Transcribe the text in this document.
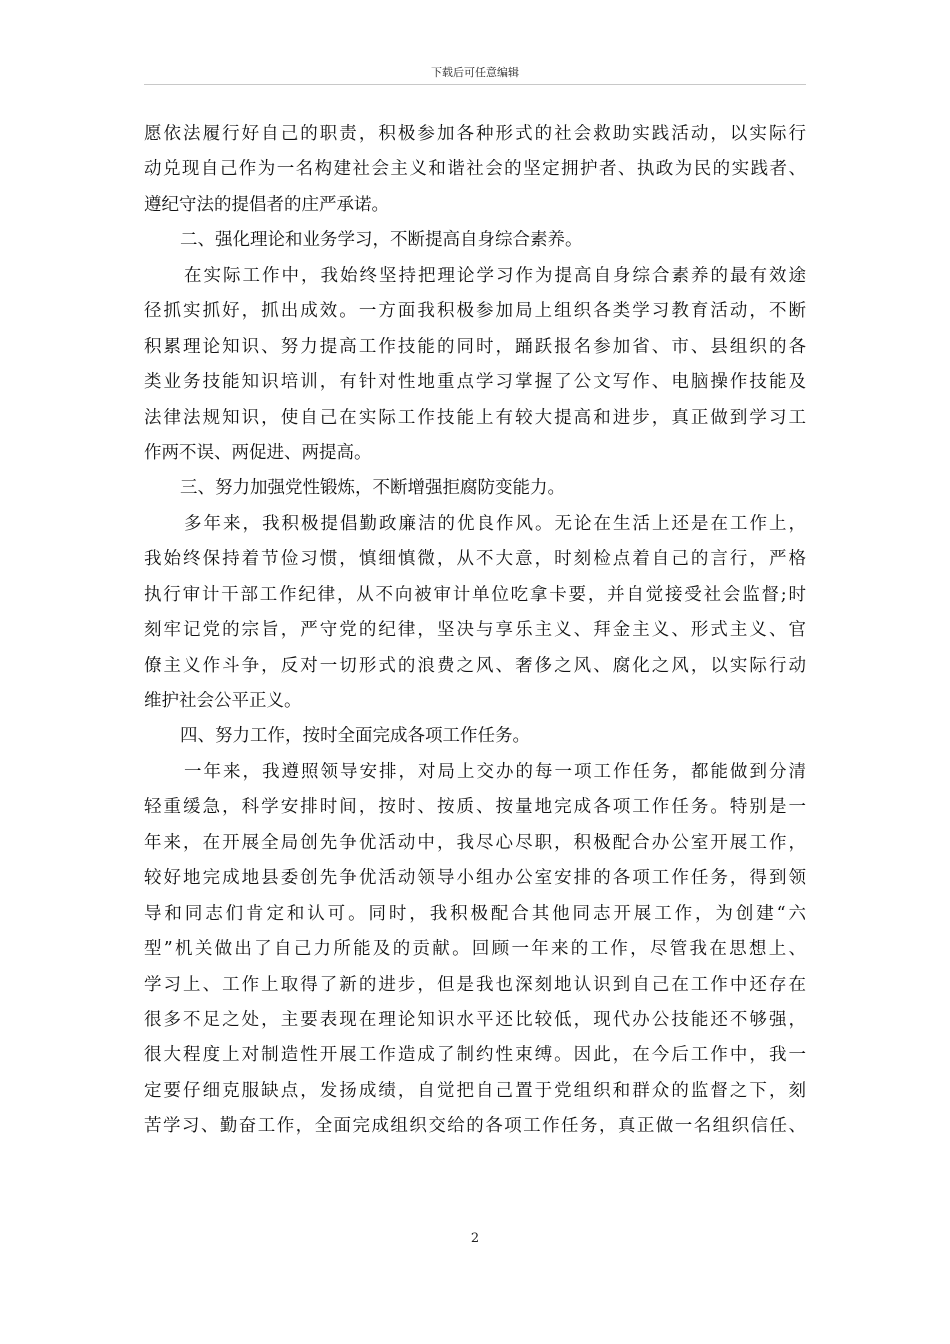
下载后可任意编辑
愿依法履行好自己的职责，积极参加各种形式的社会救助实践活动，以实际行
动兑现自己作为一名构建社会主义和谐社会的坚定拥护者、执政为民的实践者、
遵纪守法的提倡者的庄严承诺。
二、强化理论和业务学习，不断提高自身综合素养。
在实际工作中，我始终坚持把理论学习作为提高自身综合素养的最有效途
径抓实抓好，抓出成效。一方面我积极参加局上组织各类学习教育活动，不断
积累理论知识、努力提高工作技能的同时，踊跃报名参加省、市、县组织的各
类业务技能知识培训，有针对性地重点学习掌握了公文写作、电脑操作技能及
法律法规知识，使自己在实际工作技能上有较大提高和进步，真正做到学习工
作两不误、两促进、两提高。
三、努力加强党性锻炼，不断增强拒腐防变能力。
多年来，我积极提倡勤政廉洁的优良作风。无论在生活上还是在工作上，
我始终保持着节俭习惯，慎细慎微，从不大意，时刻检点着自己的言行，严格
执行审计干部工作纪律，从不向被审计单位吃拿卡要，并自觉接受社会监督;时
刻牢记党的宗旨，严守党的纪律，坚决与享乐主义、拜金主义、形式主义、官
僚主义作斗争，反对一切形式的浪费之风、奢侈之风、腐化之风，以实际行动
维护社会公平正义。
四、努力工作，按时全面完成各项工作任务。
一年来，我遵照领导安排，对局上交办的每一项工作任务，都能做到分清
轻重缓急，科学安排时间，按时、按质、按量地完成各项工作任务。特别是一
年来，在开展全局创先争优活动中，我尽心尽职，积极配合办公室开展工作，
较好地完成地县委创先争优活动领导小组办公室安排的各项工作任务，得到领
导和同志们肯定和认可。同时，我积极配合其他同志开展工作，为创建“六
型”机关做出了自己力所能及的贡献。回顾一年来的工作，尽管我在思想上、
学习上、工作上取得了新的进步，但是我也深刻地认识到自己在工作中还存在
很多不足之处，主要表现在理论知识水平还比较低，现代办公技能还不够强，
很大程度上对制造性开展工作造成了制约性束缚。因此，在今后工作中，我一
定要仔细克服缺点，发扬成绩，自觉把自己置于党组织和群众的监督之下，刻
苦学习、勤奋工作，全面完成组织交给的各项工作任务，真正做一名组织信任、
2
